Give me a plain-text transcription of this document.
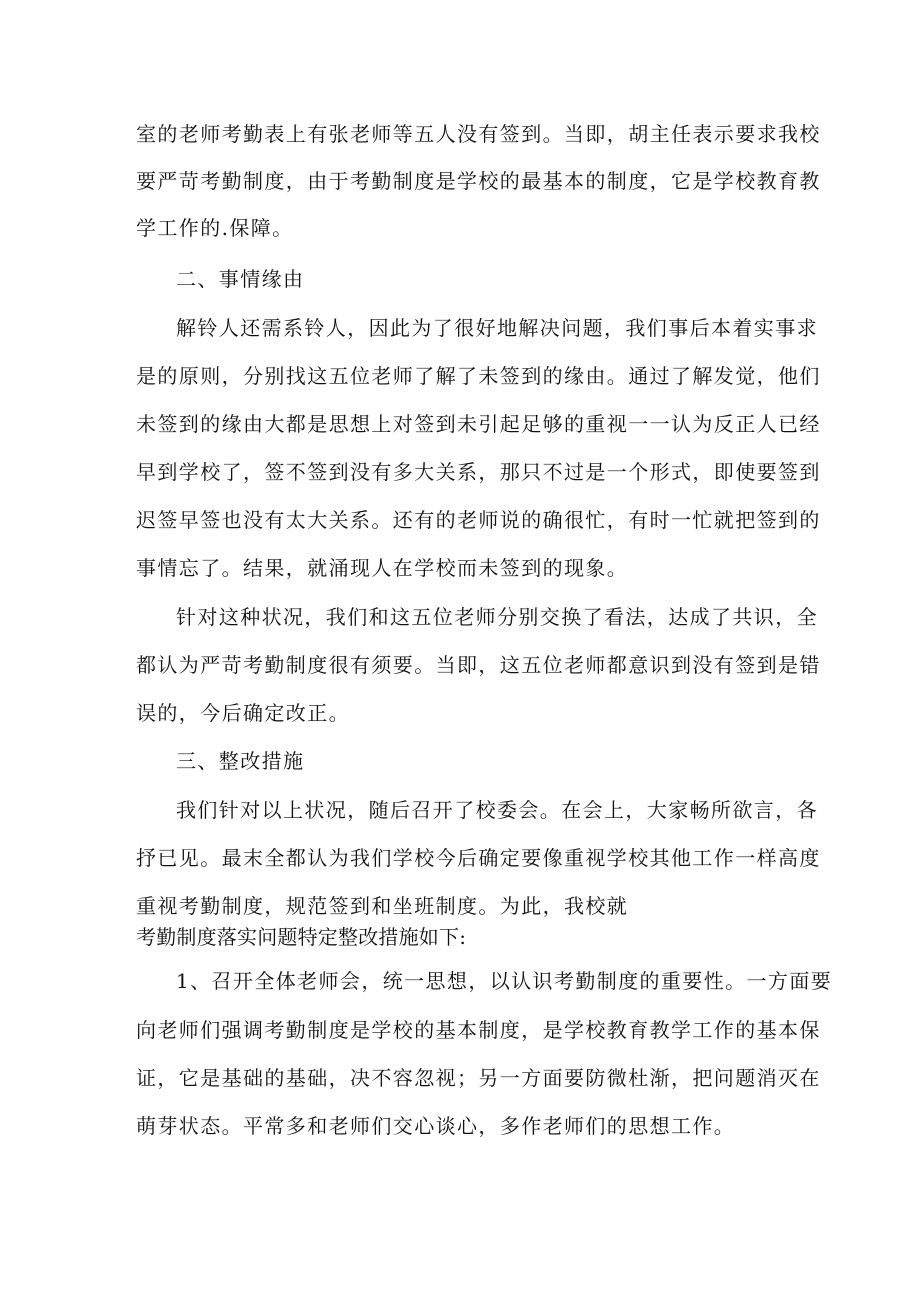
室的老师考勤表上有张老师等五人没有签到。当即，胡主任表示要求我校
要严苛考勤制度，由于考勤制度是学校的最基本的制度，它是学校教育教
学工作的.保障。
二、事情缘由
解铃人还需系铃人，因此为了很好地解决问题，我们事后本着实事求
是的原则，分别找这五位老师了解了未签到的缘由。通过了解发觉，他们
未签到的缘由大都是思想上对签到未引起足够的重视一一认为反正人已经
早到学校了，签不签到没有多大关系，那只不过是一个形式，即使要签到
迟签早签也没有太大关系。还有的老师说的确很忙，有时一忙就把签到的
事情忘了。结果，就涌现人在学校而未签到的现象。
针对这种状况，我们和这五位老师分别交换了看法，达成了共识，全
都认为严苛考勤制度很有须要。当即，这五位老师都意识到没有签到是错
误的，今后确定改正。
三、整改措施
我们针对以上状况，随后召开了校委会。在会上，大家畅所欲言，各
抒已见。最末全都认为我们学校今后确定要像重视学校其他工作一样高度
重视考勤制度，规范签到和坐班制度。为此，我校就
考勤制度落实问题特定整改措施如下:
1、召开全体老师会，统一思想，以认识考勤制度的重要性。一方面要
向老师们强调考勤制度是学校的基本制度，是学校教育教学工作的基本保
证，它是基础的基础，决不容忽视；另一方面要防微杜渐，把问题消灭在
萌芽状态。平常多和老师们交心谈心，多作老师们的思想工作。
